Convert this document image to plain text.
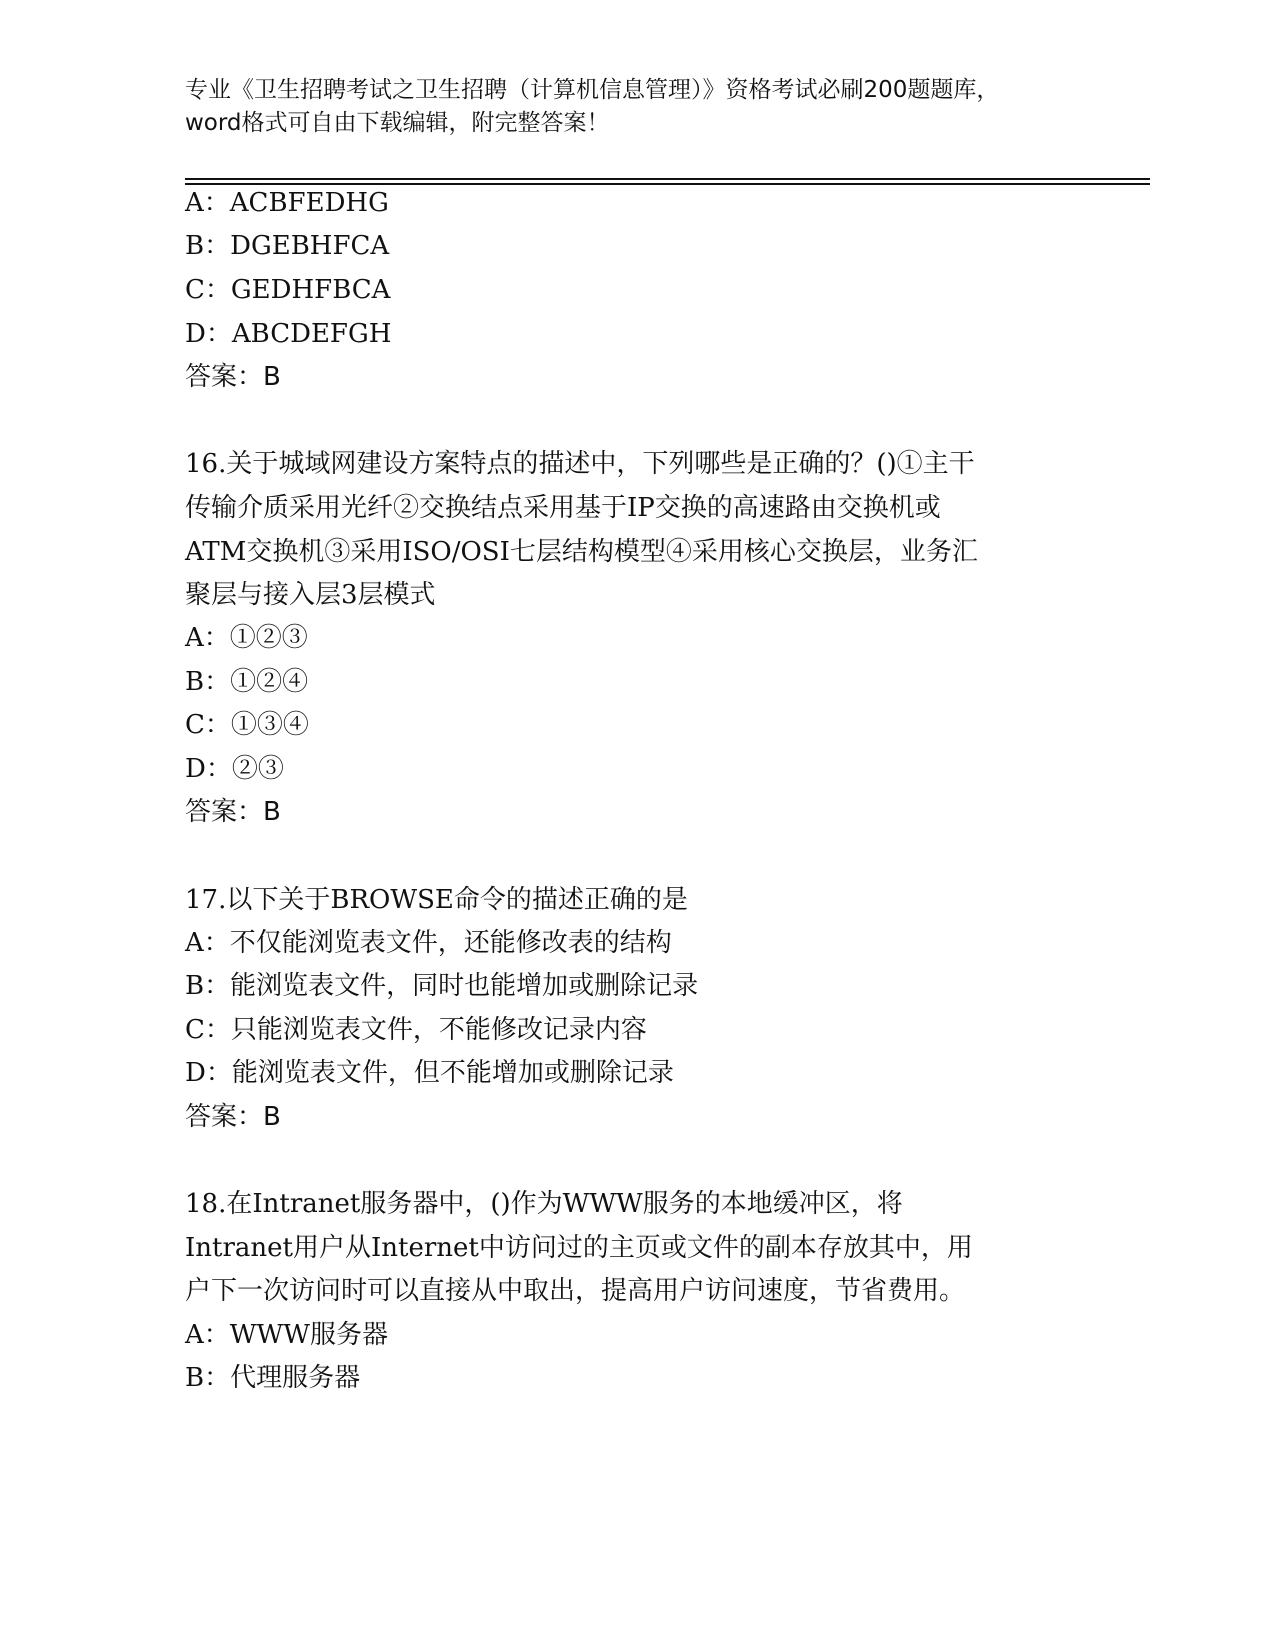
专业《卫生招聘考试之卫生招聘（计算机信息管理）》资格考试必刷200题题库，
word格式可自由下载编辑，附完整答案！
A：ACBFEDHG
B：DGEBHFCA
C：GEDHFBCA
D：ABCDEFGH
答案：B
16.关于城域网建设方案特点的描述中，下列哪些是正确的？()①主干
传输介质采用光纤②交换结点采用基于IP交换的高速路由交换机或
ATM交换机③采用ISO/OSI七层结构模型④采用核心交换层，业务汇
聚层与接入层3层模式
A：①②③
B：①②④
C：①③④
D：②③
答案：B
17.以下关于BROWSE命令的描述正确的是
A：不仅能浏览表文件，还能修改表的结构
B：能浏览表文件，同时也能增加或删除记录
C：只能浏览表文件，不能修改记录内容
D：能浏览表文件，但不能增加或删除记录
答案：B
18.在Intranet服务器中，()作为WWW服务的本地缓冲区，将
Intranet用户从Internet中访问过的主页或文件的副本存放其中，用
户下一次访问时可以直接从中取出，提高用户访问速度，节省费用。
A：WWW服务器
B：代理服务器
